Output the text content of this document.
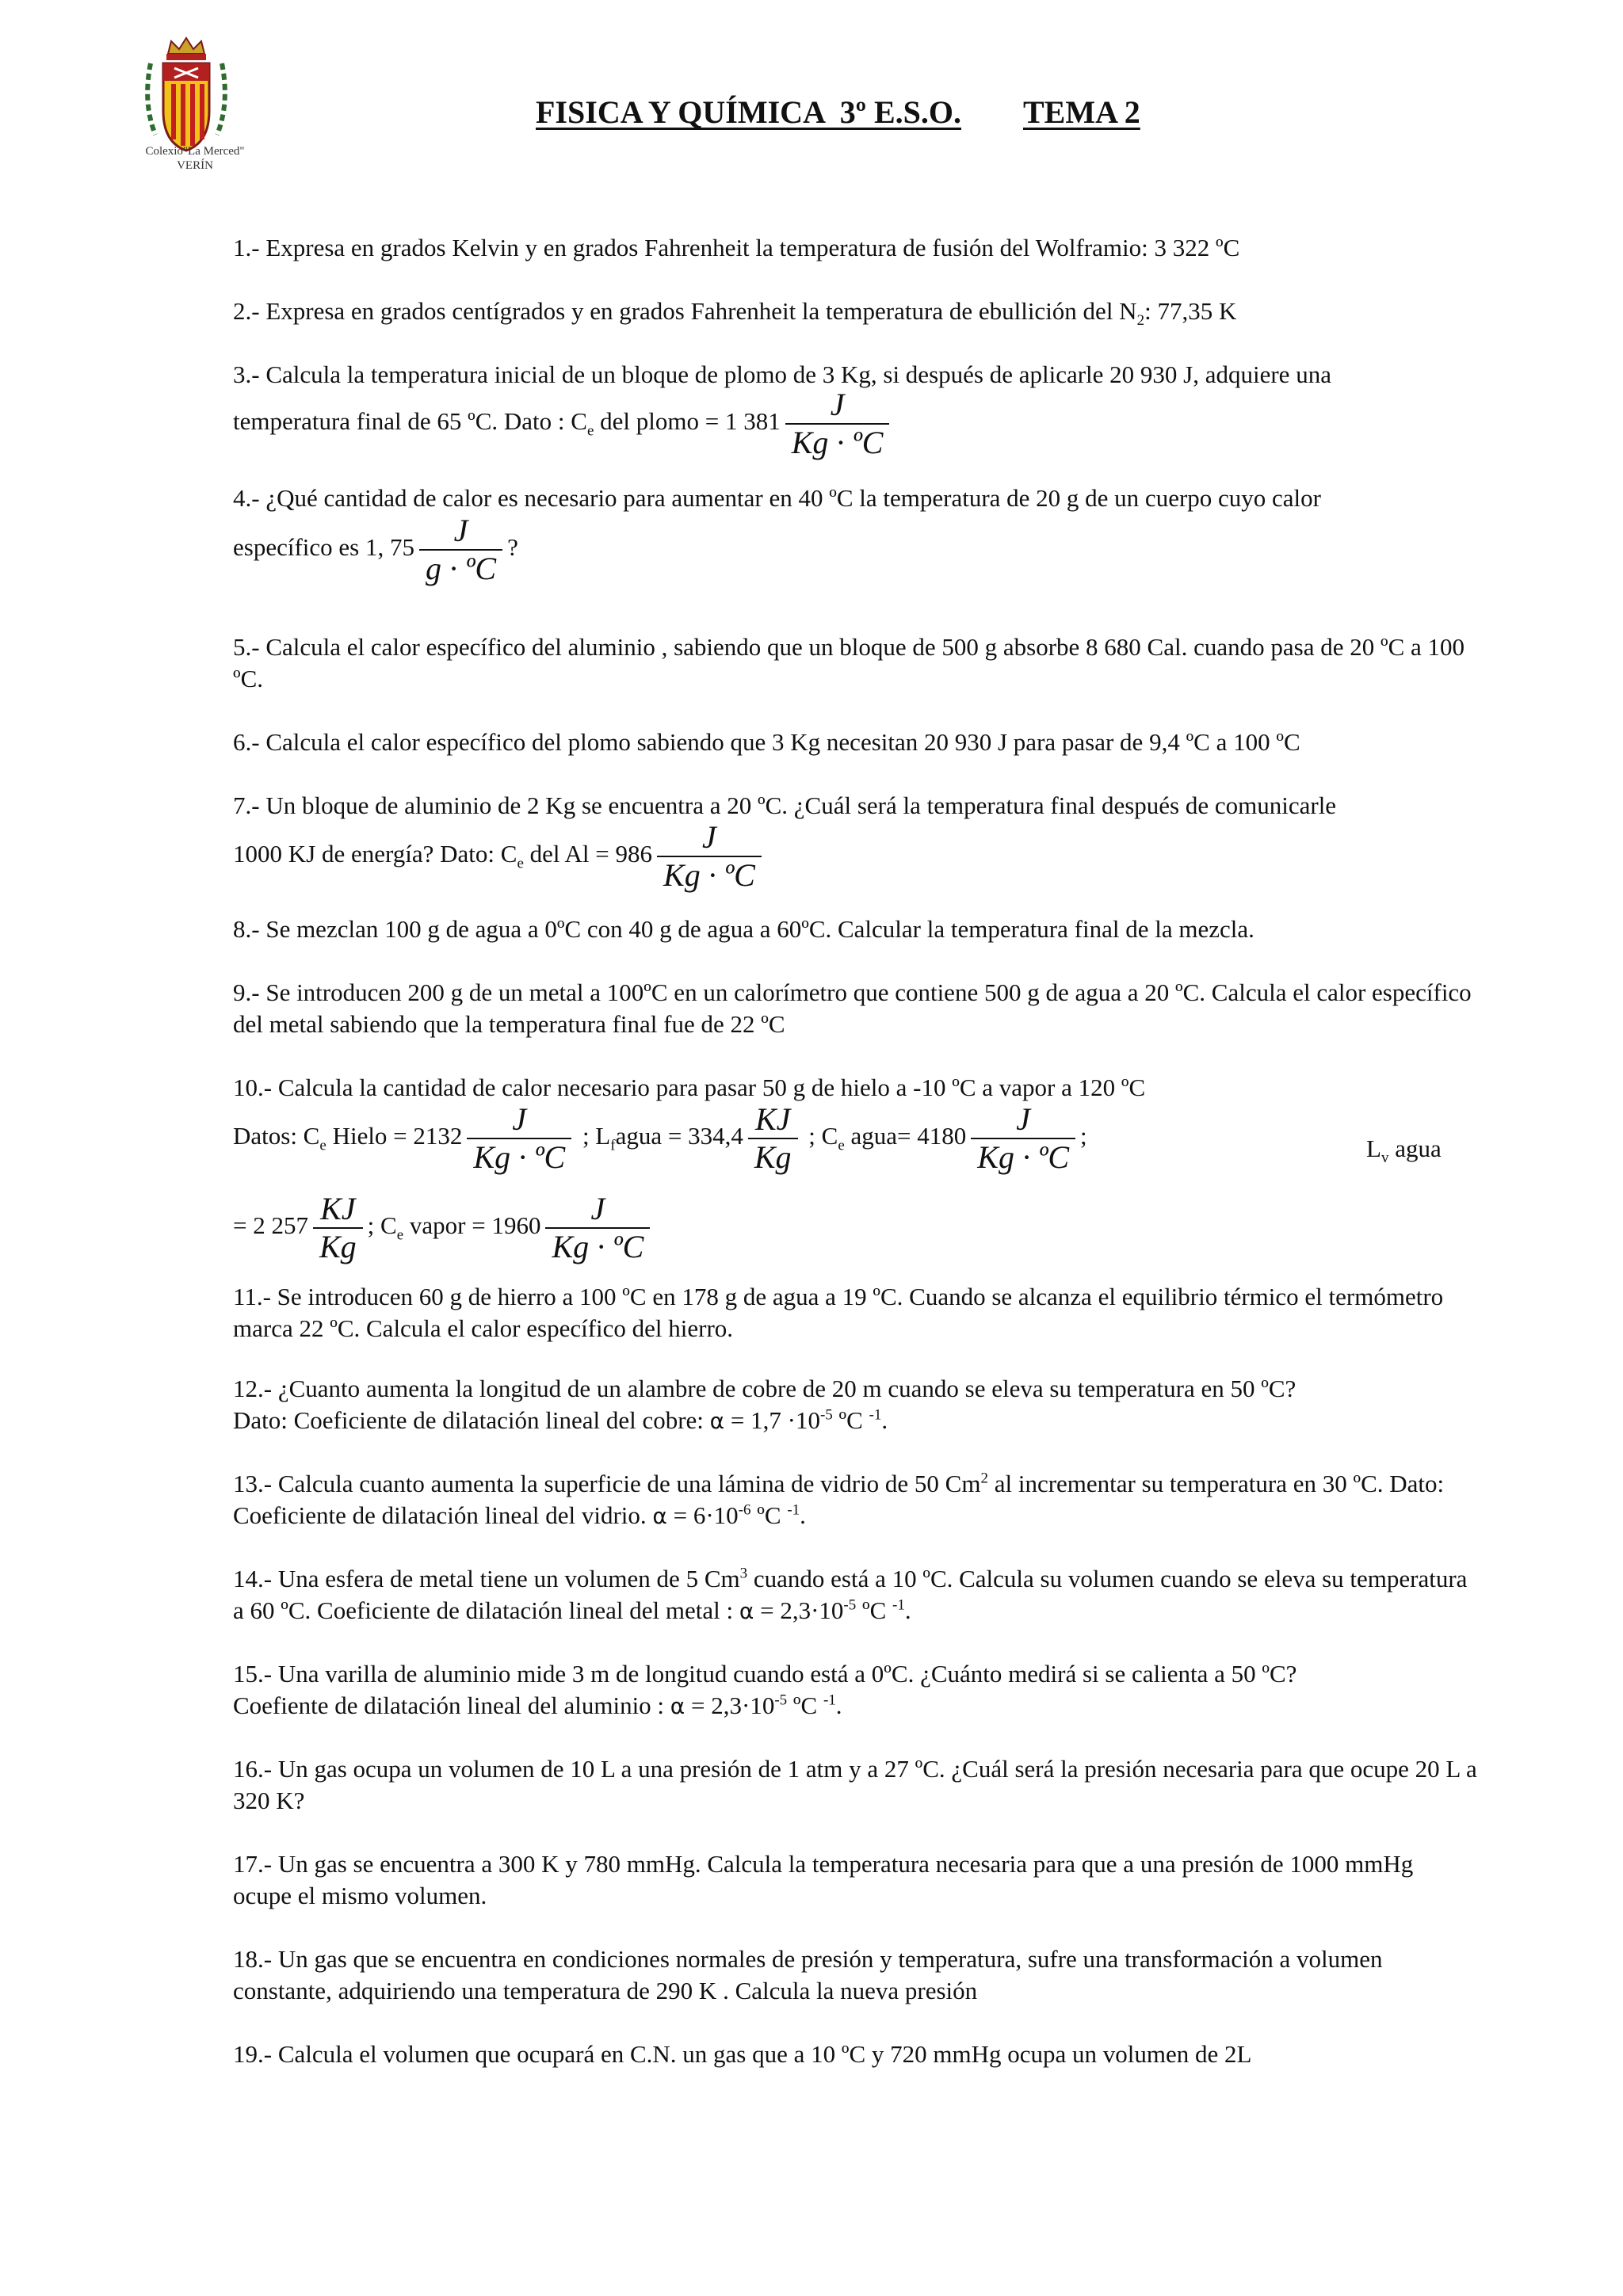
Colexio"La Merced"
VERÍN
FISICA Y QUÍMICA  3º E.S.O. TEMA 2
1.- Expresa en grados Kelvin y en grados Fahrenheit la temperatura de fusión del Wolframio: 3 322 ºC
2.- Expresa en grados centígrados y en grados Fahrenheit la temperatura de ebullición del $N_2$: 77,35 K
3.- Calcula la temperatura inicial de un bloque de plomo de 3 Kg, si después de aplicarle 20 930 J, adquiere una
temperatura final de 65 ºC. Dato : $C_e$ del plomo = 1 $381 \frac{J}{\text{Kg · ºC}}$
4.- ¿Qué cantidad de calor es necesario para aumentar en 40 ºC la temperatura de 20 g de un cuerpo cuyo calor
específico es 1, $75 \frac{J}{\text{g · ºC}}$ ?
5.- Calcula el calor específico del aluminio , sabiendo que un bloque de 500 g absorbe 8 680 Cal. cuando pasa de 20 ºC a 100 ºC.
6.- Calcula el calor específico del plomo sabiendo que 3 Kg necesitan 20 930 J para pasar de 9,4 ºC a 100 ºC
7.- Un bloque de aluminio de 2 Kg se encuentra a 20 ºC. ¿Cuál será la temperatura final después de comunicarle
1000 KJ de energía? Dato: $C_e$ del $Al = 986 \frac{J}{\text{Kg · ºC}}$
8.- Se mezclan 100 g de agua a 0ºC con 40 g de agua a 60ºC. Calcular la temperatura final de la mezcla.
9.- Se introducen 200 g de un metal a 100ºC en un calorímetro que contiene 500 g de agua a 20 ºC. Calcula el calor específico del metal sabiendo que la temperatura final fue de 22 ºC
10.- Calcula la cantidad de calor necesario para pasar 50 g de hielo a -10 ºC a vapor a 120 ºC
Datos: $C_e$ Hielo = $2132 \frac{J}{\text{Kg · ºC}}$ ; $L_fagua = 334,4 \frac{KJ}{Kg}$ ; $C_e$ agua= $4180 \frac{J}{\text{Kg · ºC}}$ ;	$L_v$ agua
= 2 $257 \frac{KJ}{Kg}$ ; $C_e$ vapor = $1960 \frac{J}{\text{Kg · ºC}}$
11.- Se introducen 60 g de hierro a 100 ºC en 178 g de agua a 19 ºC. Cuando se alcanza el equilibrio térmico el termómetro marca 22 ºC. Calcula el calor específico del hierro.
12.- ¿Cuanto aumenta la longitud de un alambre de cobre de 20 m cuando se eleva su temperatura en 50 ºC?
Dato: Coeficiente de dilatación lineal del cobre: $\alpha = 1,7 \cdot 10^{-5}$ ºC $^{-1}$.
13.- Calcula cuanto aumenta la superficie de una lámina de vidrio de 50 Cm$^2$ al incrementar su temperatura en 30 ºC. Dato: Coeficiente de dilatación lineal del vidrio. $\alpha = 6\cdot 10^{-6}$ ºC $^{-1}$.
14.- Una esfera de metal tiene un volumen de 5 Cm$^3$ cuando está a 10 ºC. Calcula su volumen cuando se eleva su temperatura a 60 ºC. Coeficiente de dilatación lineal del metal : $\alpha = 2,3\cdot 10^{-5}$ ºC $^{-1}$.
15.- Una varilla de aluminio mide 3 m de longitud cuando está a 0ºC. ¿Cuánto medirá si se calienta a 50 ºC?
Coefiente de dilatación lineal del aluminio : $\alpha = 2,3\cdot 10^{-5}$ ºC $^{-1}$.
16.- Un gas ocupa un volumen de 10 L a una presión de 1 atm y a 27 ºC. ¿Cuál será la presión necesaria para que ocupe 20 L a 320 K?
17.- Un gas se encuentra a 300 K y 780 mmHg. Calcula la temperatura necesaria para que a una presión de 1000 mmHg ocupe el mismo volumen.
18.- Un gas que se encuentra en condiciones normales de presión y temperatura, sufre una transformación a volumen constante, adquiriendo una temperatura de 290 K . Calcula la nueva presión
19.- Calcula el volumen que ocupará en C.N. un gas que a 10 ºC y 720 mmHg ocupa un volumen de 2L
